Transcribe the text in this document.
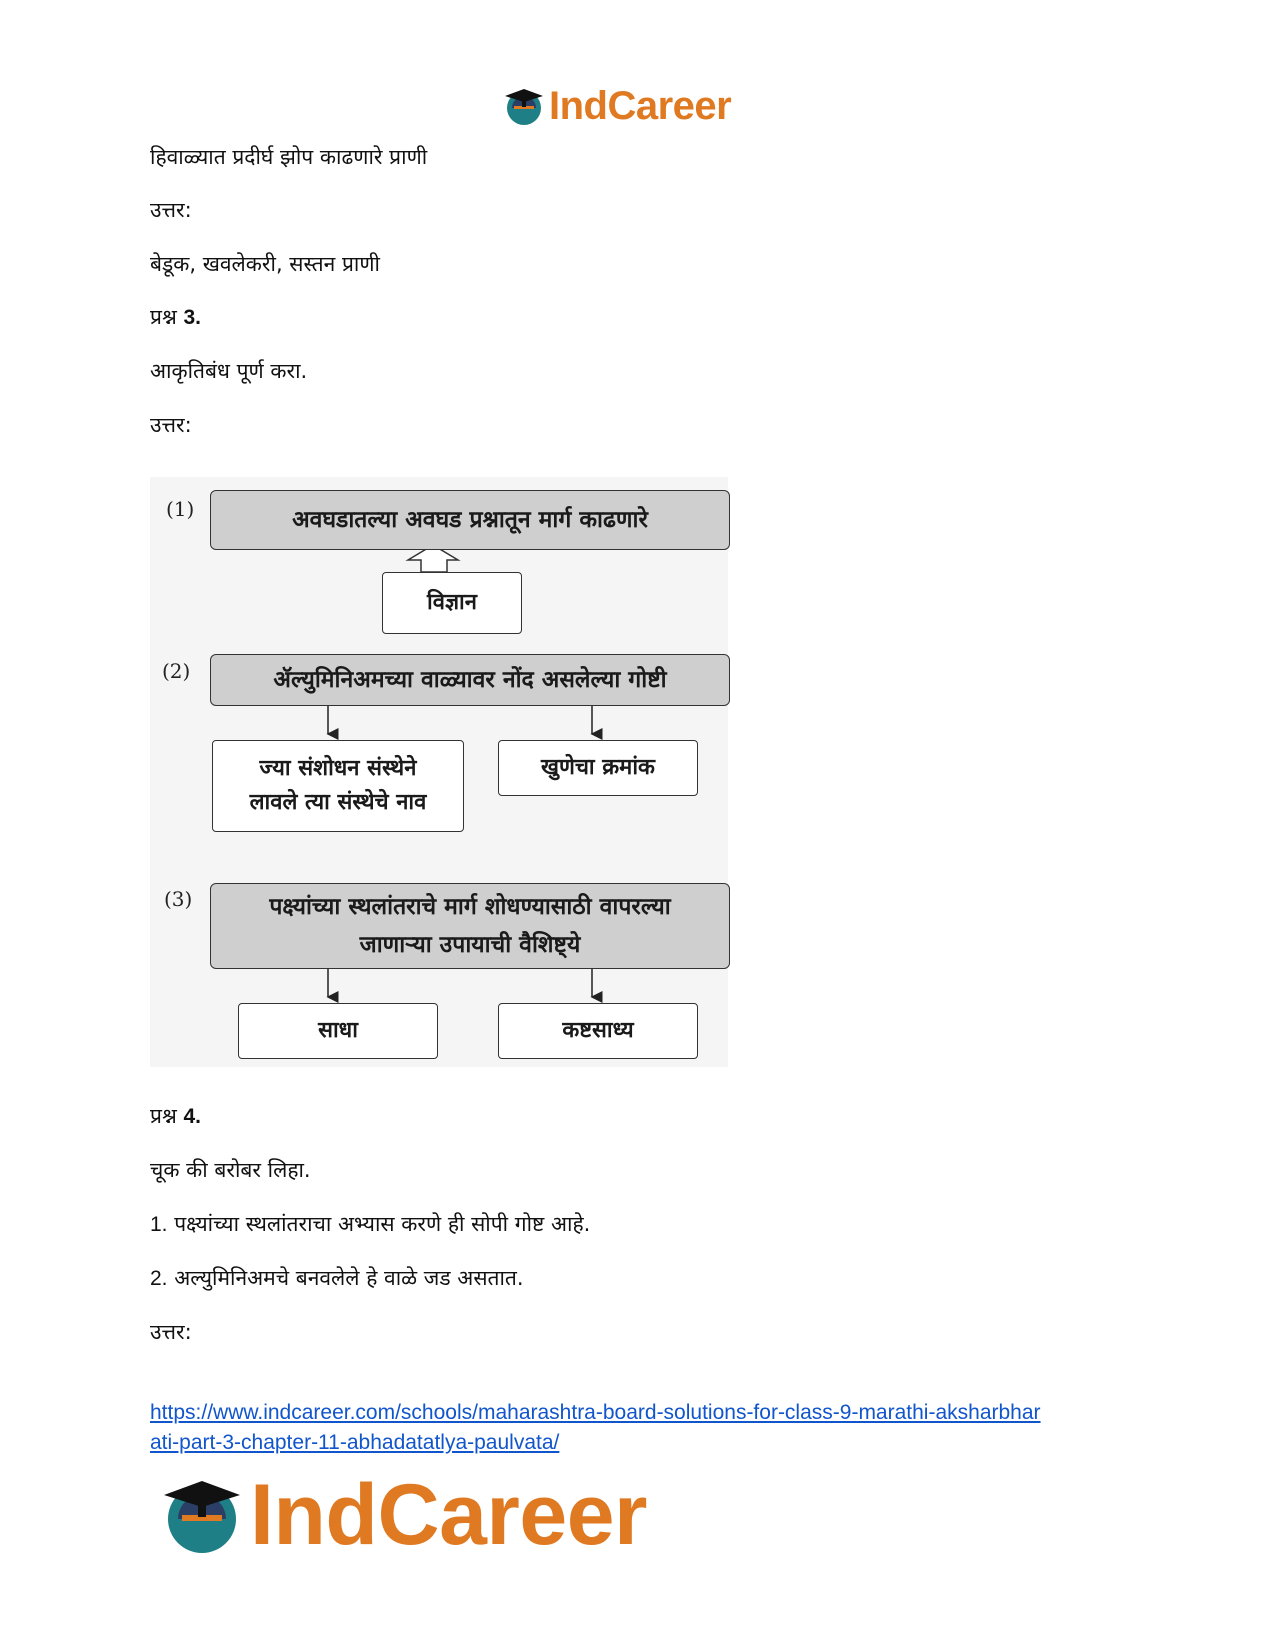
IndCareer
हिवाळ्यात प्रदीर्घ झोप काढणारे प्राणी
उत्तर:
बेडूक, खवलेकरी, सस्तन प्राणी
प्रश्न 3.
आकृतिबंध पूर्ण करा.
उत्तर:
(1)	अवघडातल्या अवघड प्रश्नातून मार्ग काढणारे
विज्ञान
(2)	ॲल्युमिनिअमच्या वाळ्यावर नोंद असलेल्या गोष्टी
ज्या संशोधन संस्थेने
लावले त्या संस्थेचे नाव
खुणेचा क्रमांक
(3)	पक्ष्यांच्या स्थलांतराचे मार्ग शोधण्यासाठी वापरल्या
जाणाऱ्या उपायाची वैशिष्ट्ये
साधा	कष्टसाध्य
प्रश्न 4.
चूक की बरोबर लिहा.
1. पक्ष्यांच्या स्थलांतराचा अभ्यास करणे ही सोपी गोष्ट आहे.
2. अल्युमिनिअमचे बनवलेले हे वाळे जड असतात.
उत्तर:
https://www.indcareer.com/schools/maharashtra-board-solutions-for-class-9-marathi-aksharbhar
ati-part-3-chapter-11-abhadatatlya-paulvata/
IndCareer
